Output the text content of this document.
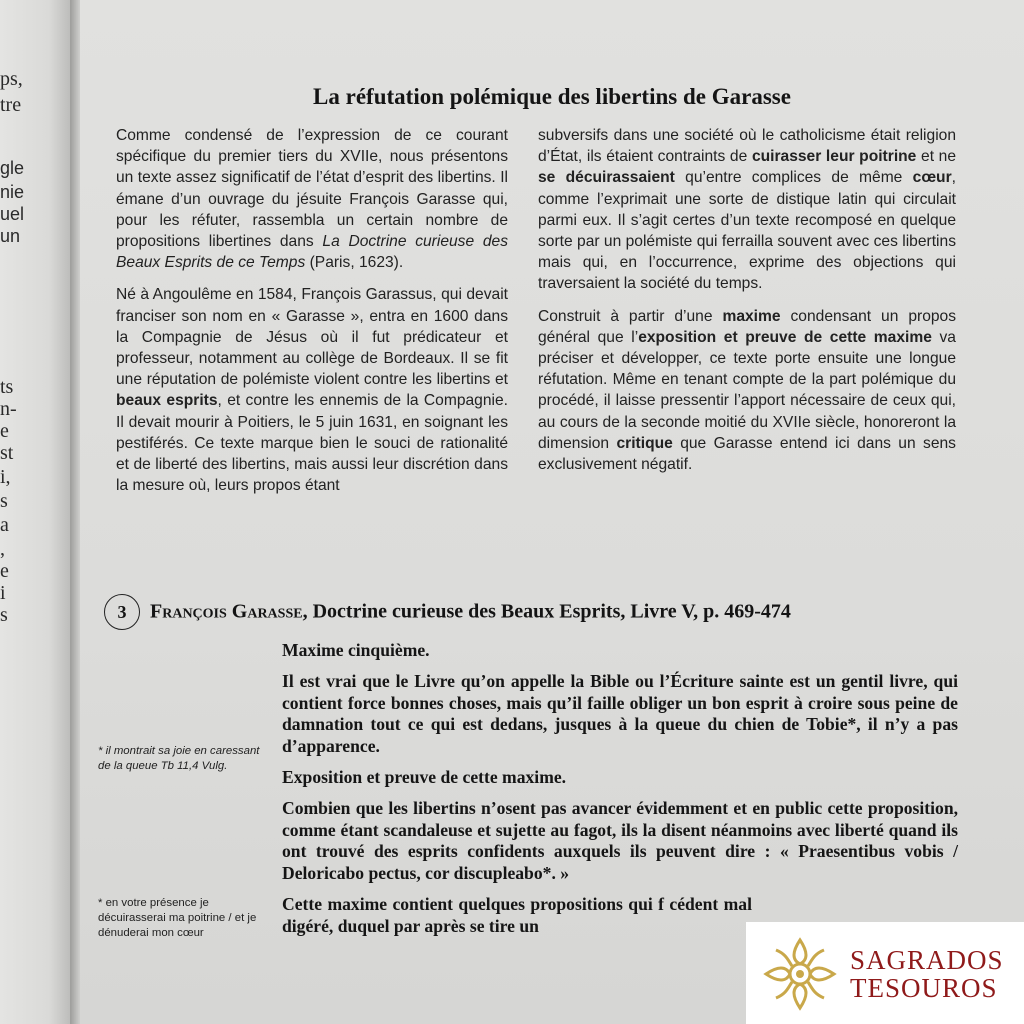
ps,
tre
gle
nie
uel
un
ts
n-
e
st
i,
s
a
,
e
i
s
La réfutation polémique des libertins de Garasse

Comme condensé de l’expression de ce courant spécifique du premier tiers du XVIIe, nous présentons un texte assez significatif de l’état d’esprit des libertins. Il émane d’un ouvrage du jésuite François Garasse qui, pour les réfuter, rassembla un certain nombre de propositions libertines dans La Doctrine curieuse des Beaux Esprits de ce Temps (Paris, 1623).

Né à Angoulême en 1584, François Garassus, qui devait franciser son nom en « Garasse », entra en 1600 dans la Compagnie de Jésus où il fut prédicateur et professeur, notamment au collège de Bordeaux. Il se fit une réputation de polémiste violent contre les libertins et beaux esprits, et contre les ennemis de la Compagnie. Il devait mourir à Poitiers, le 5 juin 1631, en soignant les pestiférés. Ce texte marque bien le souci de rationalité et de liberté des libertins, mais aussi leur discrétion dans la mesure où, leurs propos étant

subversifs dans une société où le catholicisme était religion d’État, ils étaient contraints de cuirasser leur poitrine et ne se décuirassaient qu’entre complices de même cœur, comme l’exprimait une sorte de distique latin qui circulait parmi eux. Il s’agit certes d’un texte recomposé en quelque sorte par un polémiste qui ferrailla souvent avec ces libertins mais qui, en l’occurrence, exprime des objections qui traversaient la société du temps.

Construit à partir d’une maxime condensant un propos général que l’exposition et preuve de cette maxime va préciser et développer, ce texte porte ensuite une longue réfutation. Même en tenant compte de la part polémique du procédé, il laisse pressentir l’apport nécessaire de ceux qui, au cours de la seconde moitié du XVIIe siècle, honoreront la dimension critique que Garasse entend ici dans un sens exclusivement négatif.

3 François Garasse, Doctrine curieuse des Beaux Esprits, Livre V, p. 469-474

Maxime cinquième.

Il est vrai que le Livre qu’on appelle la Bible ou l’Écriture sainte est un gentil livre, qui contient force bonnes choses, mais qu’il faille obliger un bon esprit à croire sous peine de damnation tout ce qui est dedans, jusques à la queue du chien de Tobie*, il n’y a pas d’apparence.

Exposition et preuve de cette maxime.

Combien que les libertins n’osent pas avancer évidemment et en public cette proposition, comme étant scandaleuse et sujette au fagot, ils la disent néanmoins avec liberté quand ils ont trouvé des esprits confidents auxquels ils peuvent dire : « Praesentibus vobis / Deloricabo pectus, cor discupleabo*. »

Cette maxime contient quelques propositions qui f cédent mal digéré, duquel par après se tire un

* il montrait sa joie en caressant de la queue Tb 11,4 Vulg.
* en votre présence je décuirasserai ma poitrine / et je dénuderai mon cœur
SAGRADOS
TESOUROS
